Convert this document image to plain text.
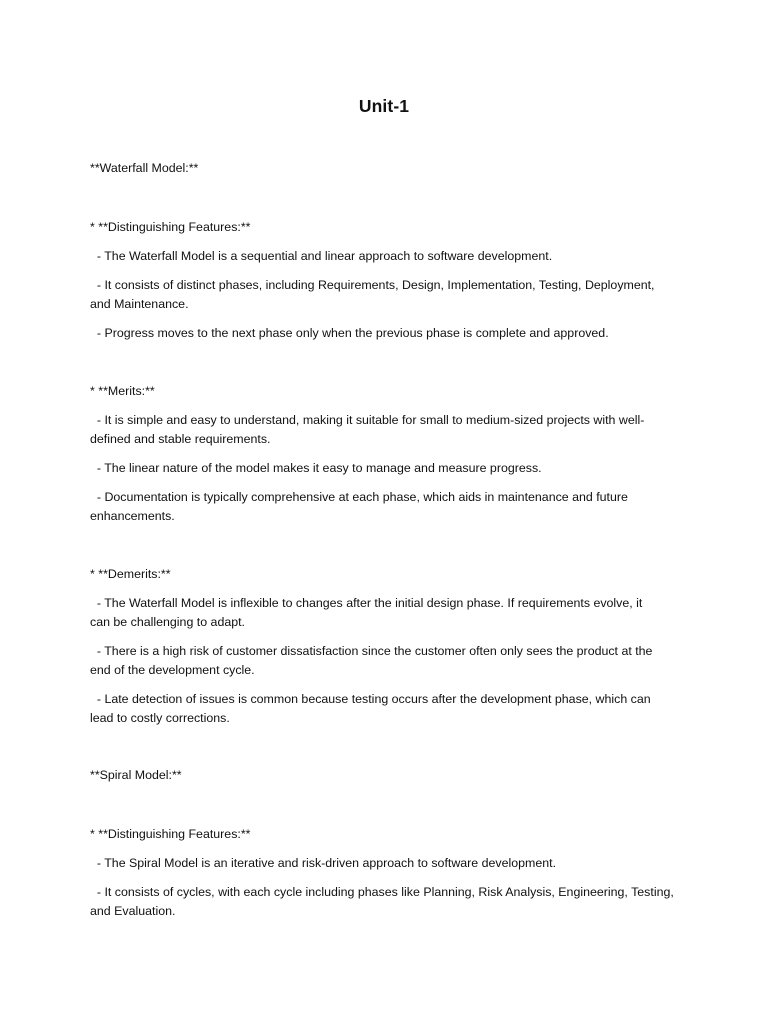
Unit-1
**Waterfall Model:**
* **Distinguishing Features:**
- The Waterfall Model is a sequential and linear approach to software development.
- It consists of distinct phases, including Requirements, Design, Implementation, Testing, Deployment,
and Maintenance.
- Progress moves to the next phase only when the previous phase is complete and approved.
* **Merits:**
- It is simple and easy to understand, making it suitable for small to medium-sized projects with well-
defined and stable requirements.
- The linear nature of the model makes it easy to manage and measure progress.
- Documentation is typically comprehensive at each phase, which aids in maintenance and future
enhancements.
* **Demerits:**
- The Waterfall Model is inflexible to changes after the initial design phase. If requirements evolve, it
can be challenging to adapt.
- There is a high risk of customer dissatisfaction since the customer often only sees the product at the
end of the development cycle.
- Late detection of issues is common because testing occurs after the development phase, which can
lead to costly corrections.
**Spiral Model:**
* **Distinguishing Features:**
- The Spiral Model is an iterative and risk-driven approach to software development.
- It consists of cycles, with each cycle including phases like Planning, Risk Analysis, Engineering, Testing,
and Evaluation.
